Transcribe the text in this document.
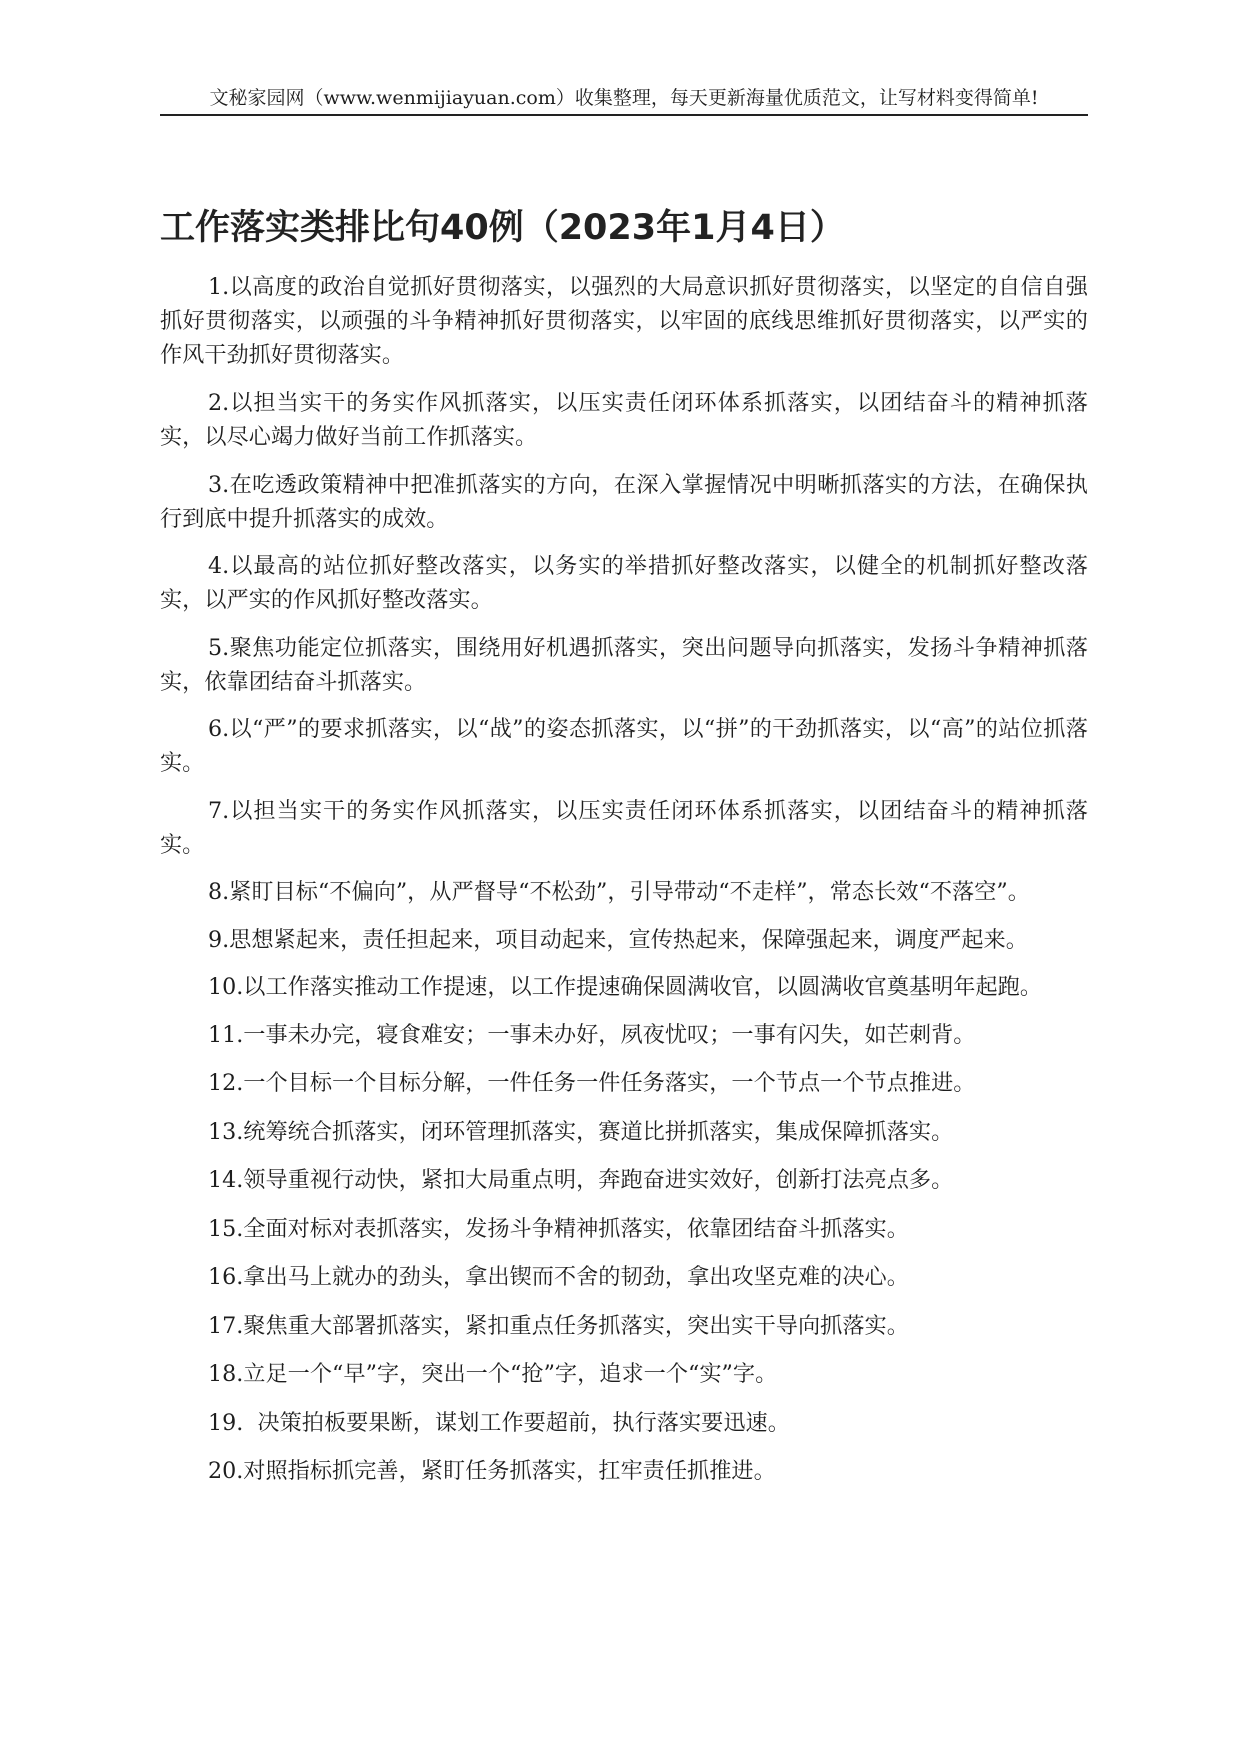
文秘家园网（www.wenmijiayuan.com）收集整理，每天更新海量优质范文，让写材料变得简单!
工作落实类排比句40例（2023年1月4日）

1.以高度的政治自觉抓好贯彻落实，以强烈的大局意识抓好贯彻落实，以坚定的自信自强抓好贯彻落实，以顽强的斗争精神抓好贯彻落实，以牢固的底线思维抓好贯彻落实，以严实的作风干劲抓好贯彻落实。

2.以担当实干的务实作风抓落实，以压实责任闭环体系抓落实，以团结奋斗的精神抓落实，以尽心竭力做好当前工作抓落实。

3.在吃透政策精神中把准抓落实的方向，在深入掌握情况中明晰抓落实的方法，在确保执行到底中提升抓落实的成效。

4.以最高的站位抓好整改落实，以务实的举措抓好整改落实，以健全的机制抓好整改落实，以严实的作风抓好整改落实。

5.聚焦功能定位抓落实，围绕用好机遇抓落实，突出问题导向抓落实，发扬斗争精神抓落实，依靠团结奋斗抓落实。

6.以“严”的要求抓落实，以“战”的姿态抓落实，以“拼”的干劲抓落实，以“高”的站位抓落实。

7.以担当实干的务实作风抓落实，以压实责任闭环体系抓落实，以团结奋斗的精神抓落实。

8.紧盯目标“不偏向”，从严督导“不松劲”，引导带动“不走样”，常态长效“不落空”。

9.思想紧起来，责任担起来，项目动起来，宣传热起来，保障强起来，调度严起来。

10.以工作落实推动工作提速，以工作提速确保圆满收官，以圆满收官奠基明年起跑。

11.一事未办完，寝食难安；一事未办好，夙夜忧叹；一事有闪失，如芒刺背。

12.一个目标一个目标分解，一件任务一件任务落实，一个节点一个节点推进。

13.统筹统合抓落实，闭环管理抓落实，赛道比拼抓落实，集成保障抓落实。

14.领导重视行动快，紧扣大局重点明，奔跑奋进实效好，创新打法亮点多。

15.全面对标对表抓落实，发扬斗争精神抓落实，依靠团结奋斗抓落实。

16.拿出马上就办的劲头，拿出锲而不舍的韧劲，拿出攻坚克难的决心。

17.聚焦重大部署抓落实，紧扣重点任务抓落实，突出实干导向抓落实。

18.立足一个“早”字，突出一个“抢”字，追求一个“实”字。

19.  决策拍板要果断，谋划工作要超前，执行落实要迅速。

20.对照指标抓完善，紧盯任务抓落实，扛牢责任抓推进。
